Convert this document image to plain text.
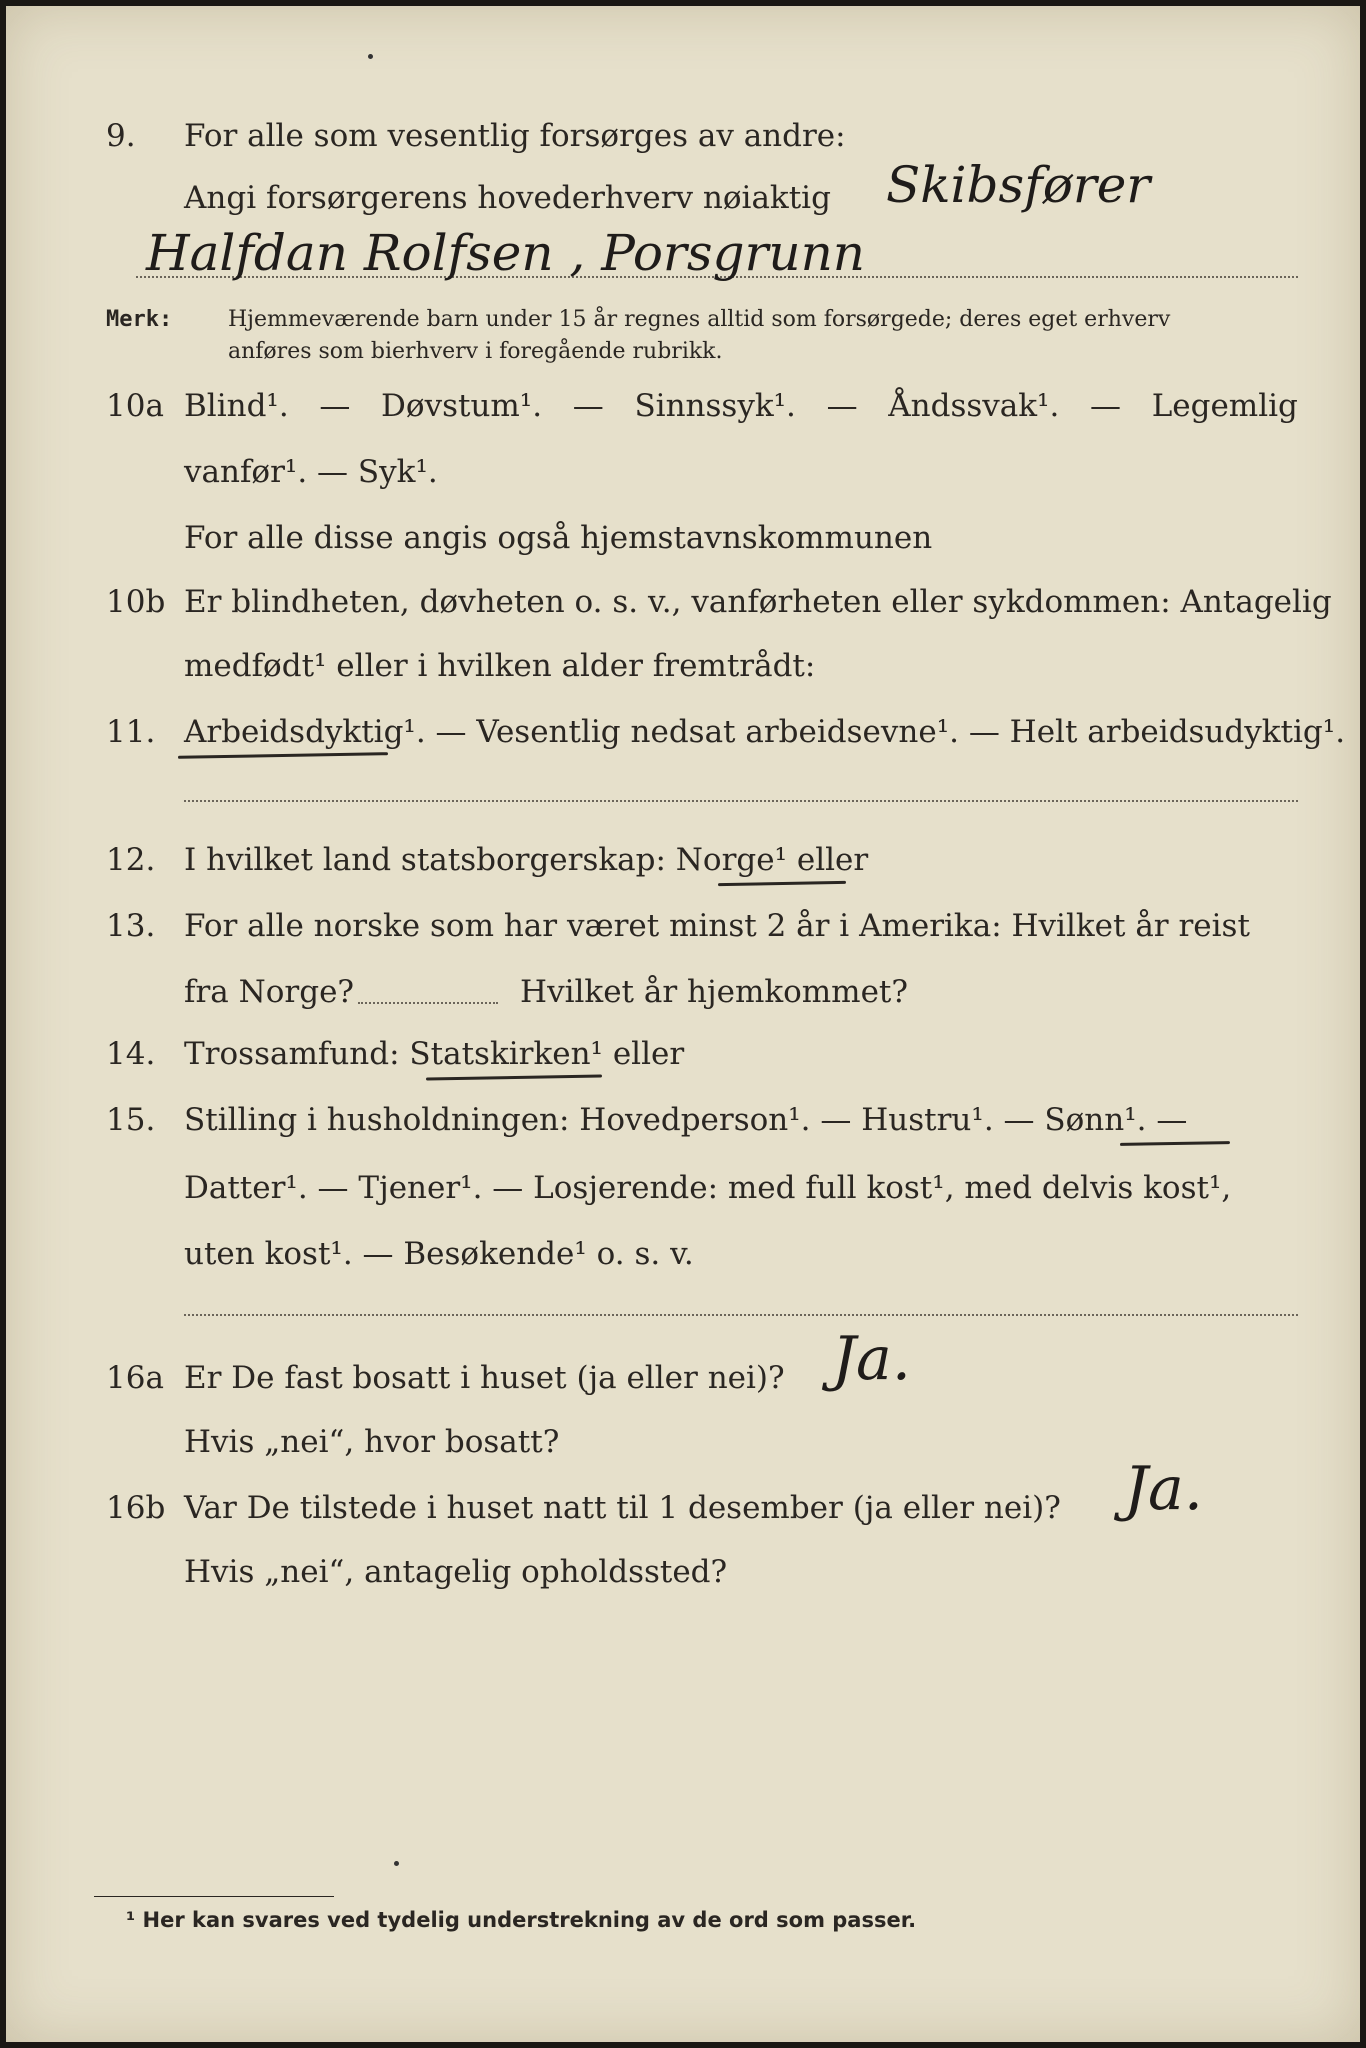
9. For alle som vesentlig forsørges av andre:
Angi forsørgerens hovederhverv nøiaktig Skibsfører
Halfdan Rolfsen , Porsgrunn
Merk:	Hjemmeværende barn under 15 år regnes alltid som forsørgede; deres eget erhverv
anføres som bierhverv i foregående rubrikk.
10a Blind¹. — Døvstum¹. — Sinnssyk¹. — Åndssvak¹. — Legemlig
vanfør¹. — Syk¹.
For alle disse angis også hjemstavnskommunen
10b Er blindheten, døvheten o. s. v., vanførheten eller sykdommen: Antagelig
medfødt¹ eller i hvilken alder fremtrådt:
11. Arbeidsdyktig¹. — Vesentlig nedsat arbeidsevne¹. — Helt arbeidsudyktig¹.
12. I hvilket land statsborgerskap: Norge¹ eller
13. For alle norske som har været minst 2 år i Amerika: Hvilket år reist
fra Norge?	Hvilket år hjemkommet?
14. Trossamfund: Statskirken¹ eller
15. Stilling i husholdningen: Hovedperson¹. — Hustru¹. — Sønn¹. —
Datter¹. — Tjener¹. — Losjerende: med full kost¹, med delvis kost¹,
uten kost¹. — Besøkende¹ o. s. v.
16a Er De fast bosatt i huset (ja eller nei)? Ja.
Hvis „nei“, hvor bosatt?
16b Var De tilstede i huset natt til 1 desember (ja eller nei)? Ja.
Hvis „nei“, antagelig opholdssted?
¹ Her kan svares ved tydelig understrekning av de ord som passer.
